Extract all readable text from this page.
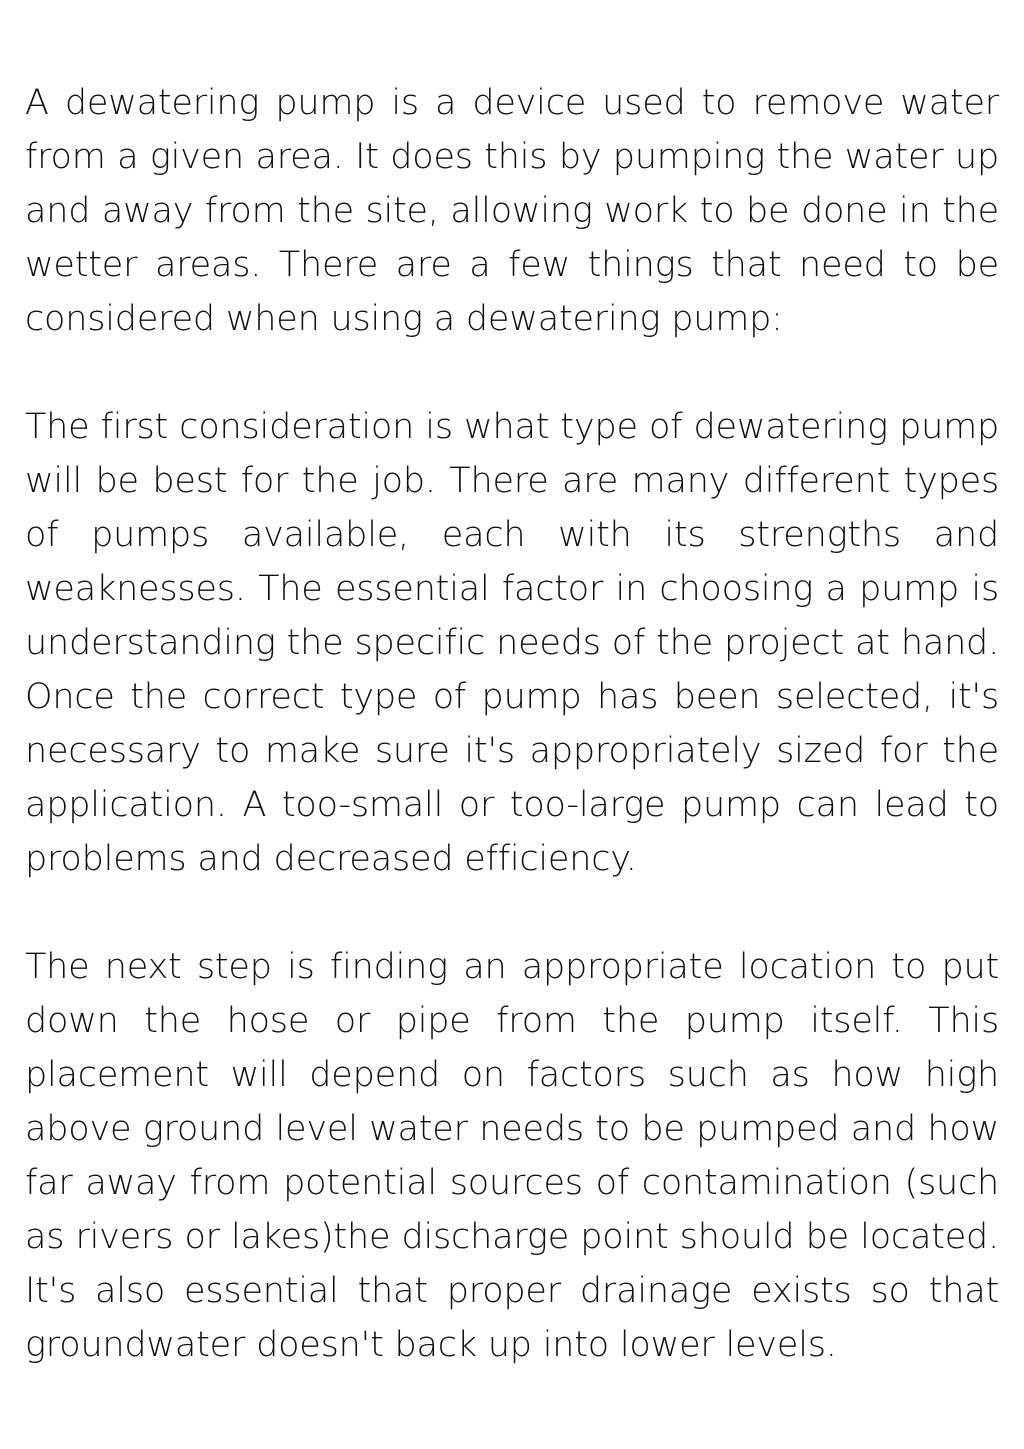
A dewatering pump is a device used to remove water from a given area. It does this by pumping the water up and away from the site, allowing work to be done in the wetter areas. There are a few things that need to be considered when using a dewatering pump:

The first consideration is what type of dewatering pump will be best for the job. There are many different types of pumps available, each with its strengths and weaknesses. The essential factor in choosing a pump is understanding the specific needs of the project at hand. Once the correct type of pump has been selected, it's necessary to make sure it's appropriately sized for the application. A too-small or too-large pump can lead to problems and decreased efficiency.

The next step is finding an appropriate location to put down the hose or pipe from the pump itself. This placement will depend on factors such as how high above ground level water needs to be pumped and how far away from potential sources of contamination (such as rivers or lakes)the discharge point should be located. It's also essential that proper drainage exists so that groundwater doesn't back up into lower levels.
